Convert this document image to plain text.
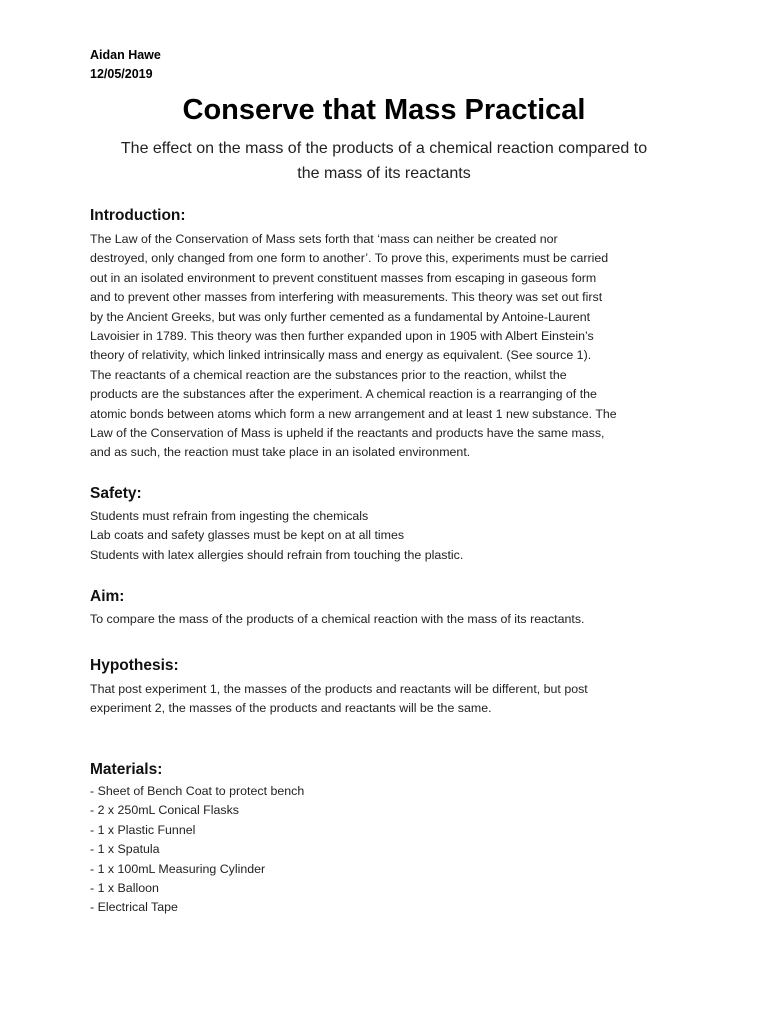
Aidan Hawe
12/05/2019
Conserve that Mass Practical
The effect on the mass of the products of a chemical reaction compared to
the mass of its reactants
Introduction:
The Law of the Conservation of Mass sets forth that ‘mass can neither be created nor
destroyed, only changed from one form to another’. To prove this, experiments must be carried
out in an isolated environment to prevent constituent masses from escaping in gaseous form
and to prevent other masses from interfering with measurements. This theory was set out first
by the Ancient Greeks, but was only further cemented as a fundamental by Antoine-Laurent
Lavoisier in 1789. This theory was then further expanded upon in 1905 with Albert Einstein’s
theory of relativity, which linked intrinsically mass and energy as equivalent. (See source 1).
The reactants of a chemical reaction are the substances prior to the reaction, whilst the
products are the substances after the experiment. A chemical reaction is a rearranging of the
atomic bonds between atoms which form a new arrangement and at least 1 new substance. The
Law of the Conservation of Mass is upheld if the reactants and products have the same mass,
and as such, the reaction must take place in an isolated environment.
Safety:
Students must refrain from ingesting the chemicals
Lab coats and safety glasses must be kept on at all times
Students with latex allergies should refrain from touching the plastic.
Aim:
To compare the mass of the products of a chemical reaction with the mass of its reactants.
Hypothesis:
That post experiment 1, the masses of the products and reactants will be different, but post
experiment 2, the masses of the products and reactants will be the same.
Materials:
- Sheet of Bench Coat to protect bench
- 2 x 250mL Conical Flasks
- 1 x Plastic Funnel
- 1 x Spatula
- 1 x 100mL Measuring Cylinder
- 1 x Balloon
- Electrical Tape
